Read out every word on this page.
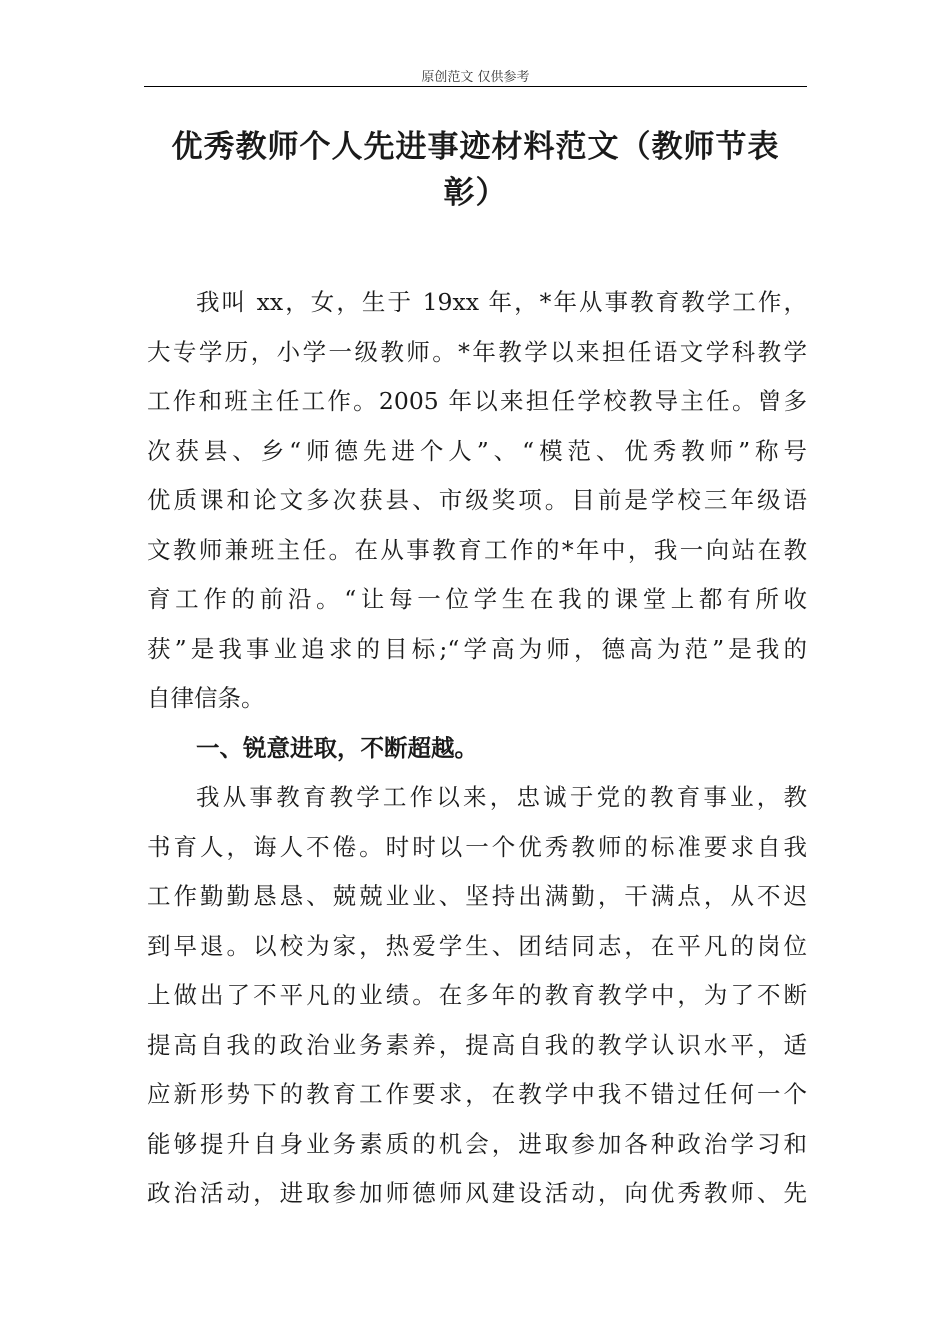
原创范文 仅供参考
优秀教师个人先进事迹材料范文（教师节表
彰）
我叫 xx，女，生于 19xx 年，*年从事教育教学工作，
大专学历，小学一级教师。*年教学以来担任语文学科教学
工作和班主任工作。2005 年以来担任学校教导主任。曾多
次获县、乡“师德先进个人”、“模范、优秀教师”称号
优质课和论文多次获县、市级奖项。目前是学校三年级语
文教师兼班主任。在从事教育工作的*年中，我一向站在教
育工作的前沿。“让每一位学生在我的课堂上都有所收
获”是我事业追求的目标;“学高为师，德高为范”是我的
自律信条。
一、锐意进取，不断超越。
我从事教育教学工作以来，忠诚于党的教育事业，教
书育人，诲人不倦。时时以一个优秀教师的标准要求自我
工作勤勤恳恳、兢兢业业、坚持出满勤，干满点，从不迟
到早退。以校为家，热爱学生、团结同志，在平凡的岗位
上做出了不平凡的业绩。在多年的教育教学中，为了不断
提高自我的政治业务素养，提高自我的教学认识水平，适
应新形势下的教育工作要求，在教学中我不错过任何一个
能够提升自身业务素质的机会，进取参加各种政治学习和
政治活动，进取参加师德师风建设活动，向优秀教师、先
